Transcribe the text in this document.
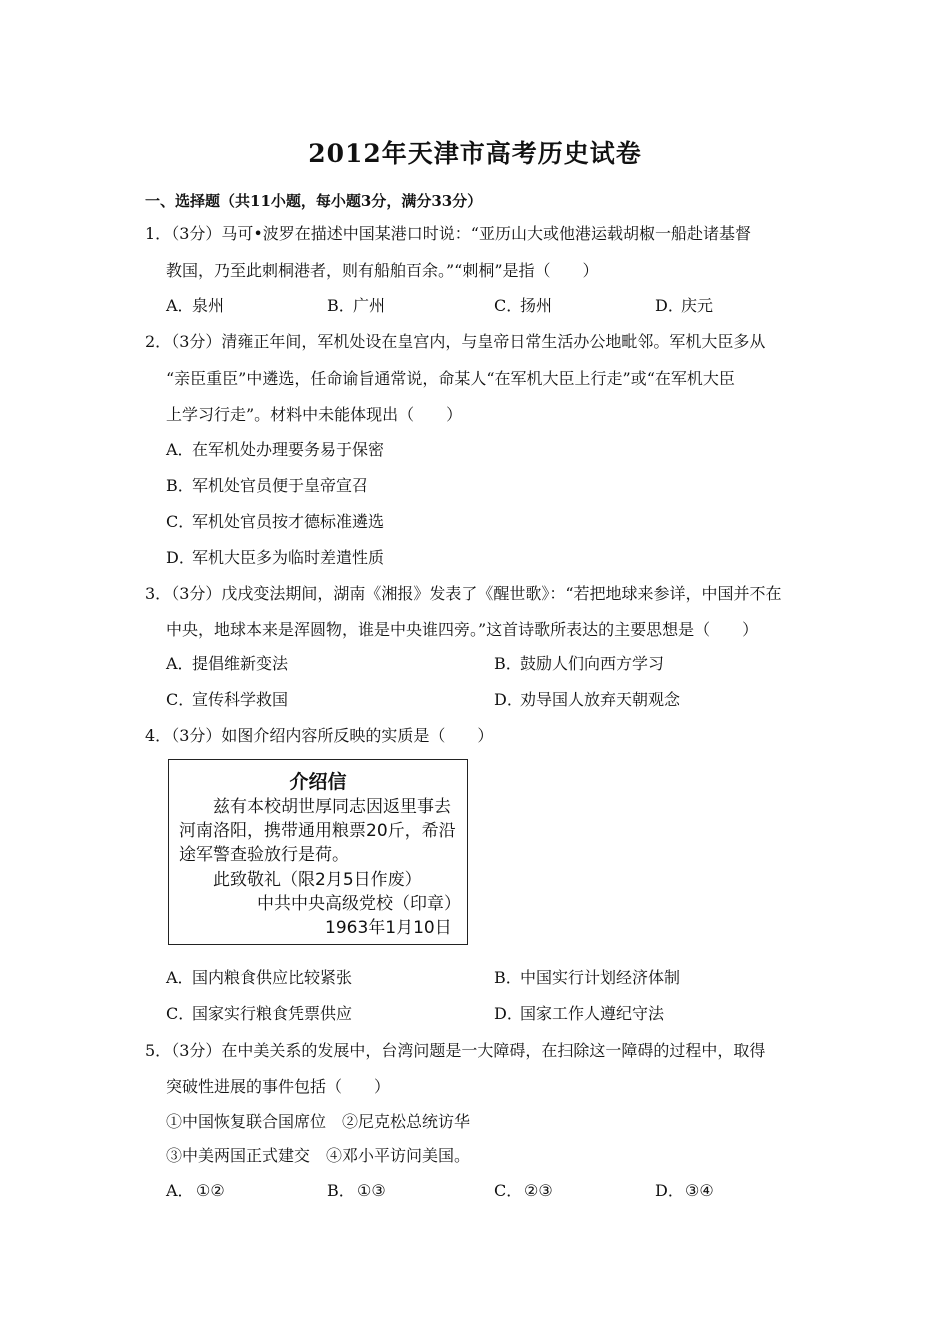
2012年天津市高考历史试卷
一、选择题（共11小题，每小题3分，满分33分）
1．（3分）马可•波罗在描述中国某港口时说：“亚历山大或他港运载胡椒一船赴诸基督
教国，乃至此刺桐港者，则有船舶百余。”“刺桐”是指（　　）
A．泉州	B．广州	C．扬州	D．庆元
2．（3分）清雍正年间，军机处设在皇宫内，与皇帝日常生活办公地毗邻。军机大臣多从
“亲臣重臣”中遴选，任命谕旨通常说，命某人“在军机大臣上行走”或“在军机大臣
上学习行走”。材料中未能体现出（　　）
A．在军机处办理要务易于保密
B．军机处官员便于皇帝宣召
C．军机处官员按才德标准遴选
D．军机大臣多为临时差遣性质
3．（3分）戊戌变法期间，湖南《湘报》发表了《醒世歌》：“若把地球来参详，中国并不在
中央，地球本来是浑圆物，谁是中央谁四旁。”这首诗歌所表达的主要思想是（　　）
A．提倡维新变法	B．鼓励人们向西方学习
C．宣传科学救国	D．劝导国人放弃天朝观念
4．（3分）如图介绍内容所反映的实质是（　　）
介绍信
兹有本校胡世厚同志因返里事去
河南洛阳，携带通用粮票20斤，希沿
途军警查验放行是荷。
此致敬礼（限2月5日作废）
中共中央高级党校（印章）
1963年1月10日
A．国内粮食供应比较紧张	B．中国实行计划经济体制
C．国家实行粮食凭票供应	D．国家工作人遵纪守法
5．（3分）在中美关系的发展中，台湾问题是一大障碍，在扫除这一障碍的过程中，取得
突破性进展的事件包括（　　）
①中国恢复联合国席位　②尼克松总统访华
③中美两国正式建交　④邓小平访问美国。
A． ①②	B． ①③	C． ②③	D．③④
